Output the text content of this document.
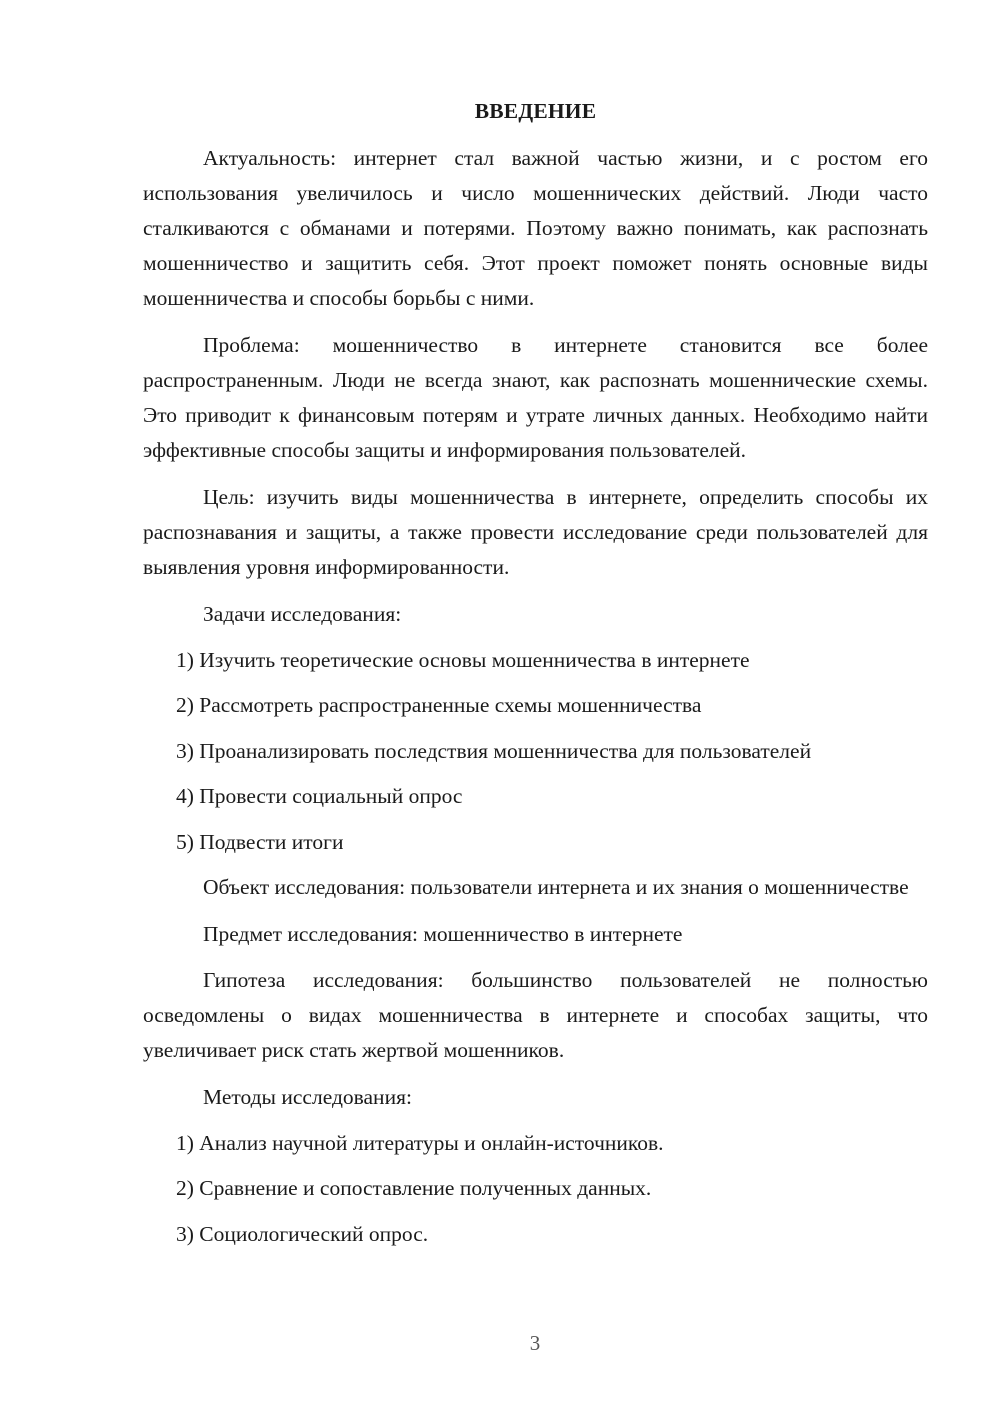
ВВЕДЕНИЕ

Актуальность: интернет стал важной частью жизни, и с ростом его использования увеличилось и число мошеннических действий. Люди часто сталкиваются с обманами и потерями. Поэтому важно понимать, как распознать мошенничество и защитить себя. Этот проект поможет понять основные виды мошенничества и способы борьбы с ними.

Проблема: мошенничество в интернете становится все более распространенным. Люди не всегда знают, как распознать мошеннические схемы. Это приводит к финансовым потерям и утрате личных данных. Необходимо найти эффективные способы защиты и информирования пользователей.

Цель: изучить виды мошенничества в интернете, определить способы их распознавания и защиты, а также провести исследование среди пользователей для выявления уровня информированности.

Задачи исследования:

1) Изучить теоретические основы мошенничества в интернете

2) Рассмотреть распространенные схемы мошенничества

3) Проанализировать последствия мошенничества для пользователей

4) Провести социальный опрос

5) Подвести итоги

Объект исследования: пользователи интернета и их знания о мошенничестве

Предмет исследования: мошенничество в интернете

Гипотеза исследования: большинство пользователей не полностью осведомлены о видах мошенничества в интернете и способах защиты, что увеличивает риск стать жертвой мошенников.

Методы исследования:

1) Анализ научной литературы и онлайн-источников.

2) Сравнение и сопоставление полученных данных.

3) Социологический опрос.

3
